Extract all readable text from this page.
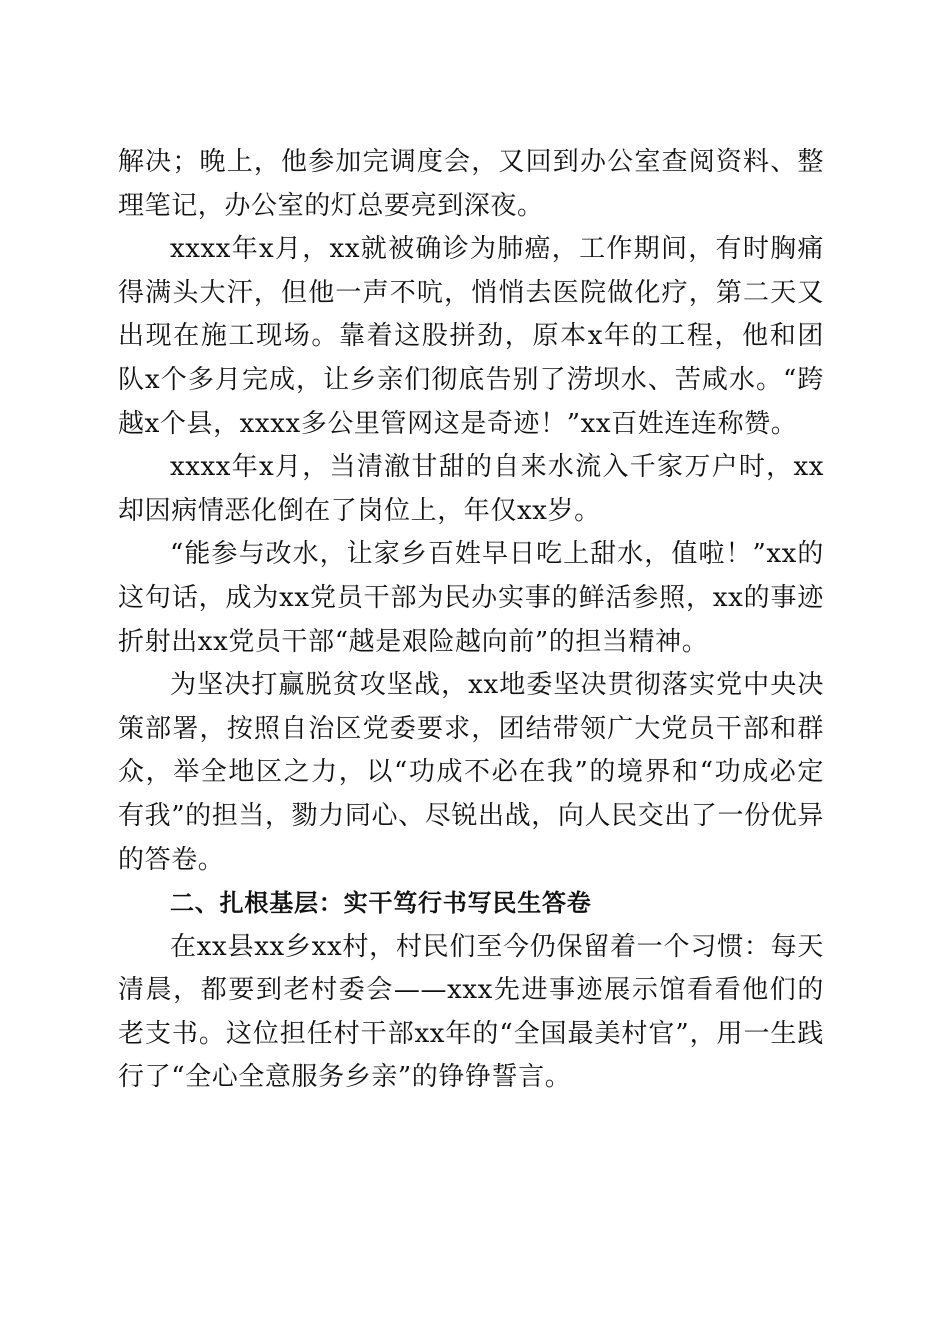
解决；晚上，他参加完调度会，又回到办公室查阅资料、整理笔记，办公室的灯总要亮到深夜。

xxxx年x月，xx就被确诊为肺癌，工作期间，有时胸痛得满头大汗，但他一声不吭，悄悄去医院做化疗，第二天又出现在施工现场。靠着这股拼劲，原本x年的工程，他和团队x个多月完成，让乡亲们彻底告别了涝坝水、苦咸水。“跨越x个县，xxxx多公里管网这是奇迹！”xx百姓连连称赞。

xxxx年x月，当清澈甘甜的自来水流入千家万户时，xx却因病情恶化倒在了岗位上，年仅xx岁。

“能参与改水，让家乡百姓早日吃上甜水，值啦！”xx的这句话，成为xx党员干部为民办实事的鲜活参照，xx的事迹折射出xx党员干部“越是艰险越向前”的担当精神。

为坚决打赢脱贫攻坚战，xx地委坚决贯彻落实党中央决策部署，按照自治区党委要求，团结带领广大党员干部和群众，举全地区之力，以“功成不必在我”的境界和“功成必定有我”的担当，勠力同心、尽锐出战，向人民交出了一份优异的答卷。

二、扎根基层：实干笃行书写民生答卷

在xx县xx乡xx村，村民们至今仍保留着一个习惯：每天清晨，都要到老村委会——xxx先进事迹展示馆看看他们的老支书。这位担任村干部xx年的“全国最美村官”，用一生践行了“全心全意服务乡亲”的铮铮誓言。
